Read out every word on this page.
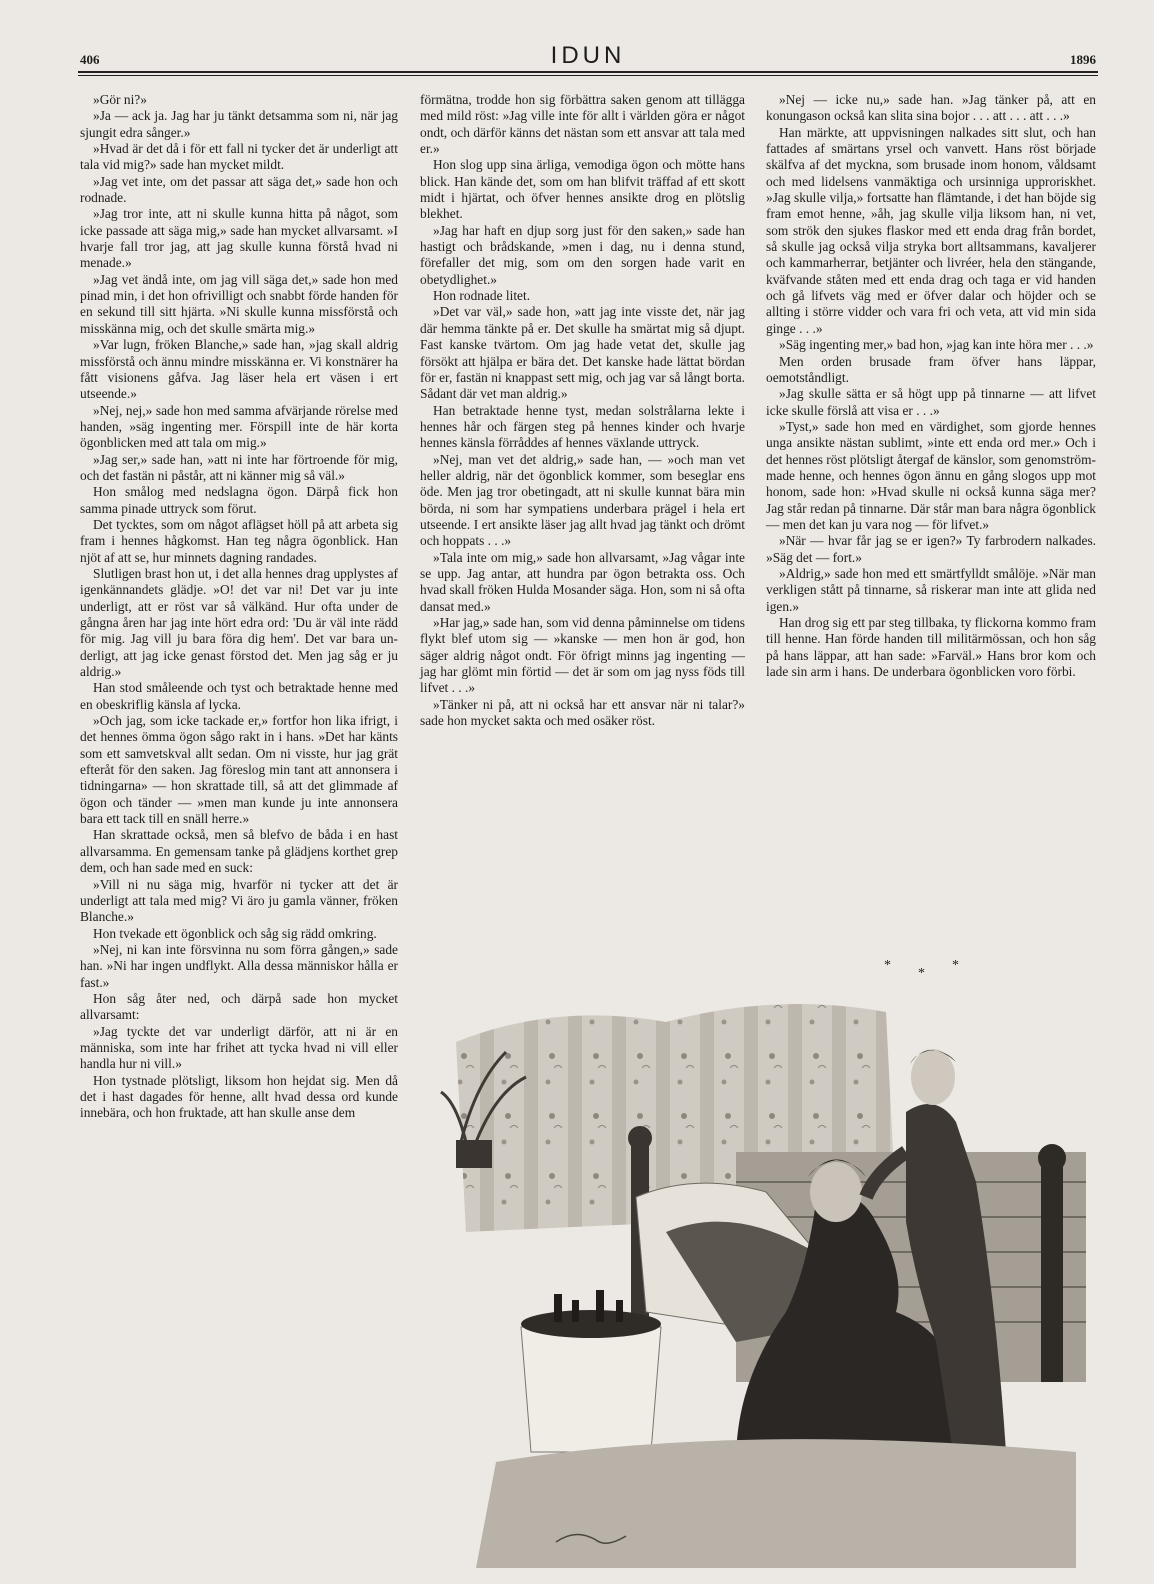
406	IDUN	1896

»Gör ni?»

»Ja — ack ja. Jag har ju tänkt detsamma som ni, när jag sjungit edra sånger.»

»Hvad är det då i för ett fall ni tycker det är underligt att tala vid mig?» sade han mycket mildt.

»Jag vet inte, om det passar att säga det,» sade hon och rodnade.

»Jag tror inte, att ni skulle kunna hitta på något, som icke passade att säga mig,» sade han mycket allvarsamt. »I hvarje fall tror jag, att jag skulle kunna förstå hvad ni menade.»

»Jag vet ändå inte, om jag vill säga det,» sade hon med pinad min, i det hon ofrivilligt och snabbt förde handen för en sekund till sitt hjärta. »Ni skulle kunna missförstå och misskänna mig, och det skulle smärta mig.»

»Var lugn, fröken Blanche,» sade han, »jag skall aldrig missförstå och ännu mindre misskänna er. Vi konstnärer ha fått visionens gåfva. Jag läser hela ert väsen i ert utseende.»

»Nej, nej,» sade hon med samma afvärjande rörelse med handen, »säg ingenting mer. Förspill inte de här korta ögonblicken med att tala om mig.»

»Jag ser,» sade han, »att ni inte har förtroende för mig, och det fastän ni påstår, att ni känner mig så väl.»

Hon smålog med nedslagna ögon. Därpå fick hon samma pinade uttryck som förut.

Det tycktes, som om något aflägset höll på att arbeta sig fram i hennes hågkomst. Han teg några ögonblick. Han njöt af att se, hur minnets dagning randades.

Slutligen brast hon ut, i det alla hennes drag upplystes af igenkännandets glädje. »O! det var ni! Det var ju inte underligt, att er röst var så välkänd. Hur ofta under de gångna åren har jag inte hört edra ord: 'Du är väl inte rädd för mig. Jag vill ju bara föra dig hem'. Det var bara underligt, att jag icke genast förstod det. Men jag såg er ju aldrig.»

Han stod småleende och tyst och betraktade henne med en obeskriflig känsla af lycka.

»Och jag, som icke tackade er,» fortfor hon lika ifrigt, i det hennes ömma ögon sågo rakt in i hans. »Det har känts som ett samvetskval allt sedan. Om ni visste, hur jag grät efteråt för den saken. Jag föreslog min tant att annonsera i tidningarna» — hon skrattade till, så att det glimmade af ögon och tänder — »men man kunde ju inte annonsera bara ett tack till en snäll herre.»

Han skrattade också, men så blefvo de båda i en hast allvarsamma. En gemensam tanke på glädjens korthet grep dem, och han sade med en suck:

»Vill ni nu säga mig, hvarför ni tycker att det är underligt att tala med mig? Vi äro ju gamla vänner, fröken Blanche.»

Hon tvekade ett ögonblick och såg sig rädd omkring.

»Nej, ni kan inte försvinna nu som förra gången,» sade han. »Ni har ingen undflykt. Alla dessa människor hålla er fast.»

Hon såg åter ned, och därpå sade hon mycket allvarsamt:

»Jag tyckte det var underligt därför, att ni är en människa, som inte har frihet att tycka hvad ni vill eller handla hur ni vill.»

Hon tystnade plötsligt, liksom hon hejdat sig. Men då det i hast dagades för henne, allt hvad dessa ord kunde innebära, och hon fruktade, att han skulle anse dem

förmätna, trodde hon sig förbättra saken genom att tillägga med mild röst: »Jag ville inte för allt i världen göra er något ondt, och därför känns det nästan som ett ansvar att tala med er.»

Hon slog upp sina ärliga, vemodiga ögon och mötte hans blick. Han kände det, som om han blifvit träffad af ett skott midt i hjärtat, och öfver hennes ansikte drog en plötslig blekhet.

»Jag har haft en djup sorg just för den saken,» sade han hastigt och brådskande, »men i dag, nu i denna stund, förefaller det mig, som om den sorgen hade varit en obetydlighet.»

Hon rodnade litet.

»Det var väl,» sade hon, »att jag inte visste det, när jag där hemma tänkte på er. Det skulle ha smärtat mig så djupt. Fast kanske tvärtom. Om jag hade vetat det, skulle jag försökt att hjälpa er bära det. Det kanske hade lättat bördan för er, fastän ni knappast sett mig, och jag var så långt borta. Sådant där vet man aldrig.»

Han betraktade henne tyst, medan solstrålarna lekte i hennes hår och färgen steg på hennes kinder och hvarje hennes känsla förråddes af hennes växlande uttryck.

»Nej, man vet det aldrig,» sade han, — »och man vet heller aldrig, när det ögonblick kommer, som beseglar ens öde. Men jag tror obetingadt, att ni skulle kunnat bära min börda, ni som har sympatiens underbara prägel i hela ert utseende. I ert ansikte läser jag allt hvad jag tänkt och drömt och hoppats . . .»

»Tala inte om mig,» sade hon allvarsamt, »Jag vågar inte se upp. Jag antar, att hundra par ögon betrakta oss. Och hvad skall fröken Hulda Mosander säga. Hon, som ni så ofta dansat med.»

»Har jag,» sade han, som vid denna påminnelse om tidens flykt blef utom sig — »kanske — men hon är god, hon säger aldrig något ondt. För öfrigt minns jag ingenting — jag har glömt min förtid — det är som om jag nyss föds till lifvet . . .»

»Tänker ni på, att ni också har ett ansvar när ni talar?» sade hon mycket sakta och med osäker röst.

»Nej — icke nu,» sade han. »Jag tänker på, att en konungason också kan slita sina bojor . . . att . . . att . . .»

Han märkte, att uppvisningen nalkades sitt slut, och han fattades af smärtans yrsel och vanvett. Hans röst började skälfva af det myckna, som brusade inom honom, våldsamt och med lidelsens vanmäktiga och ursinniga upproriskhet. »Jag skulle vilja,» fortsatte han flämtande, i det han böjde sig fram emot henne, »åh, jag skulle vilja liksom han, ni vet, som strök den sjukes flaskor med ett enda drag från bordet, så skulle jag också vilja stryka bort alltsammans, kavaljerer och kammarherrar, betjänter och livréer, hela den stängande, kväfvande ståten med ett enda drag och taga er vid handen och gå lifvets väg med er öfver dalar och höjder och se allting i större vidder och vara fri och veta, att vid min sida ginge . . .»

»Säg ingenting mer,» bad hon, »jag kan inte höra mer . . .»

Men orden brusade fram öfver hans läppar, oemotståndligt.

»Jag skulle sätta er så högt upp på tinnarne — att lifvet icke skulle förslå att visa er . . .»

»Tyst,» sade hon med en värdighet, som gjorde hennes unga ansikte nästan sublimt, »inte ett enda ord mer.» Och i det hennes röst plötsligt återgaf de känslor, som genomströmmade henne, och hennes ögon ännu en gång slogos upp mot honom, sade hon: »Hvad skulle ni också kunna säga mer? Jag står redan på tinnarne. Där står man bara några ögonblick — men det kan ju vara nog — för lifvet.»

»När — hvar får jag se er igen?» Ty farbrodern nalkades. »Säg det — fort.»

»Aldrig,» sade hon med ett smärtfylldt smålöje. »När man verkligen stått på tinnarne, så riskerar man inte att glida ned igen.»

Han drog sig ett par steg tillbaka, ty flickorna kommo fram till henne. Han förde handen till militärmössan, och hon såg på hans läppar, att han sade: »Farväl.» Hans bror kom och lade sin arm i hans. De underbara ögonblicken voro förbi.

*
*
*
